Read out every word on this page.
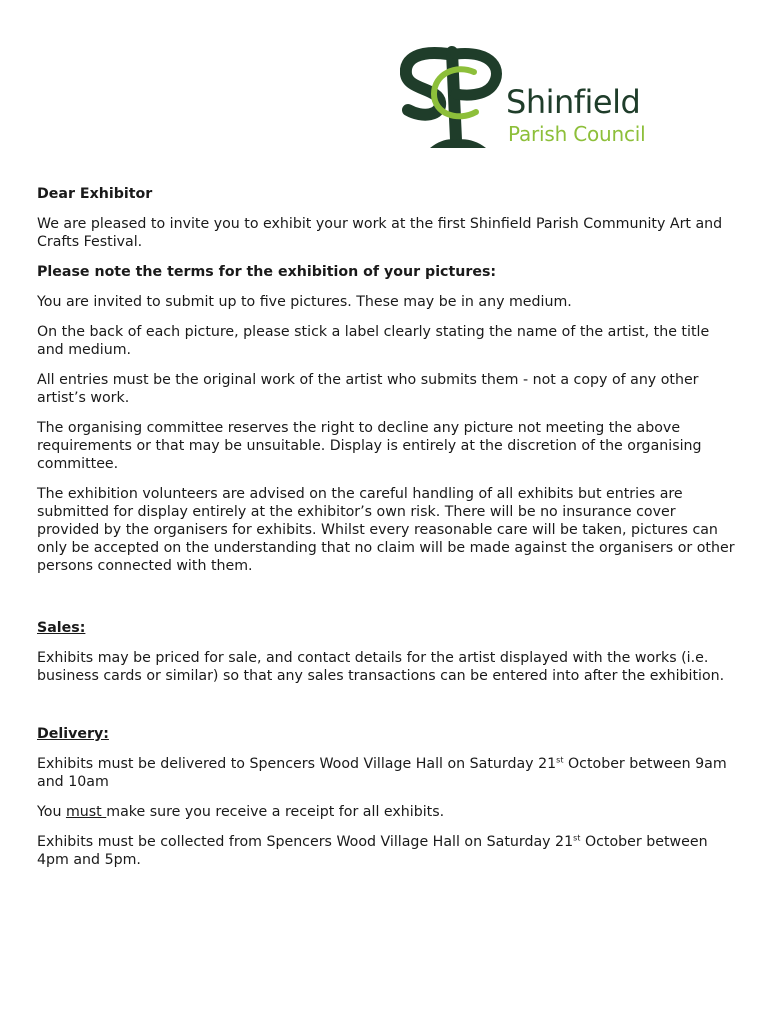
Shinfield
Parish Council

Dear Exhibitor

We are pleased to invite you to exhibit your work at the first Shinfield Parish Community Art and Crafts Festival.

Please note the terms for the exhibition of your pictures:

You are invited to submit up to five pictures. These may be in any medium.

On the back of each picture, please stick a label clearly stating the name of the artist, the title and medium.

All entries must be the original work of the artist who submits them - not a copy of any other artist’s work.

The organising committee reserves the right to decline any picture not meeting the above requirements or that may be unsuitable. Display is entirely at the discretion of the organising committee.

The exhibition volunteers are advised on the careful handling of all exhibits but entries are submitted for display entirely at the exhibitor’s own risk. There will be no insurance cover provided by the organisers for exhibits. Whilst every reasonable care will be taken, pictures can only be accepted on the understanding that no claim will be made against the organisers or other persons connected with them.

Sales:

Exhibits may be priced for sale, and contact details for the artist displayed with the works (i.e. business cards or similar) so that any sales transactions can be entered into after the exhibition.

Delivery:

Exhibits must be delivered to Spencers Wood Village Hall on Saturday 21st October between 9am and 10am

You must make sure you receive a receipt for all exhibits.

Exhibits must be collected from Spencers Wood Village Hall on Saturday 21st October between 4pm and 5pm.
